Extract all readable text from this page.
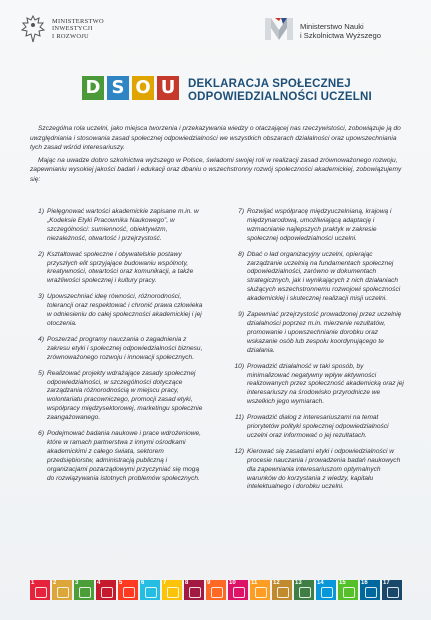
MINISTERSTWO
INWESTYCJI
I ROZWOJU
Ministerstwo Nauki
i Szkolnictwa Wyższego
D S O U	DEKLARACJA SPOŁECZNEJ
ODPOWIEDZIALNOŚCI UCZELNI

Szczególna rola uczelni, jako miejsca tworzenia i przekazywania wiedzy o otaczającej nas rzeczywistości, zobowiązuje ją do uwzględniania i stosowania zasad społecznej odpowiedzialności we wszystkich obszarach działalności oraz upowszechniania tych zasad wśród interesariuszy.

Mając na uwadze dobro szkolnictwa wyższego w Polsce, świadomi swojej roli w realizacji zasad zrównoważonego rozwoju, zapewnianiu wysokiej jakości badań i edukacji oraz dbaniu o wszechstronny rozwój społeczności akademickiej, zobowiązujemy się:

1) Pielęgnować wartości akademickie zapisane m.in. w „Kodeksie Etyki Pracownika Naukowego”, w szczególności: sumienność, obiektywizm, niezależność, otwartość i przejrzystość.
2) Kształtować społeczne i obywatelskie postawy przyszłych elit sprzyjające budowaniu wspólnoty, kreatywności, otwartości oraz komunikacji, a także wrażliwości społecznej i kultury pracy.
3) Upowszechniać ideę równości, różnorodności, tolerancji oraz respektować i chronić prawa człowieka w odniesieniu do całej społeczności akademickiej i jej otoczenia.
4) Poszerzać programy nauczania o zagadnienia z zakresu etyki i społecznej odpowiedzialności biznesu, zrównoważonego rozwoju i innowacji społecznych.
5) Realizować projekty wdrażające zasady społecznej odpowiedzialności, w szczególności dotyczące zarządzania różnorodnością w miejscu pracy, wolontariatu pracowniczego, promocji zasad etyki, współpracy międzysektorowej, marketingu społecznie zaangażowanego.
6) Podejmować badania naukowe i prace wdrożeniowe, które w ramach partnerstwa z innymi ośrodkami akademickimi z całego świata, sektorem przedsiębiorstw, administracją publiczną i organizacjami pozarządowymi przyczyniać się mogą do rozwiązywania istotnych problemów społecznych.
7) Rozwijać współpracę międzyuczelnianą, krajową i międzynarodową, umożliwiającą adaptację i wzmacnianie najlepszych praktyk w zakresie społecznej odpowiedzialności uczelni.
8) Dbać o ład organizacyjny uczelni, opierając zarządzanie uczelnią na fundamentach społecznej odpowiedzialności, zarówno w dokumentach strategicznych, jak i wynikających z nich działaniach służących wszechstronnemu rozwojowi społeczności akademickiej i skutecznej realizacji misji uczelni.
9) Zapewniać przejrzystość prowadzonej przez uczelnię działalności poprzez m.in. mierzenie rezultatów, promowanie i upowszechnianie dorobku oraz wskazanie osób lub zespołu koordynującego te działania.
10) Prowadzić działalność w taki sposób, by minimalizować negatywny wpływ aktywności realizowanych przez społeczność akademicką oraz jej interesariuszy na środowisko przyrodnicze we wszelkich jego wymiarach.
11) Prowadzić dialog z interesariuszami na temat priorytetów polityki społecznej odpowiedzialności uczelni oraz informować o jej rezultatach.
12) Kierować się zasadami etyki i odpowiedzialności w procesie nauczania i prowadzenia badań naukowych dla zapewniania interesariuszom optymalnych warunków do korzystania z wiedzy, kapitału intelektualnego i dorobku uczelni.
1	2	3	4	5	6	7	8	9	10	11	12	13	14	15	16	17
